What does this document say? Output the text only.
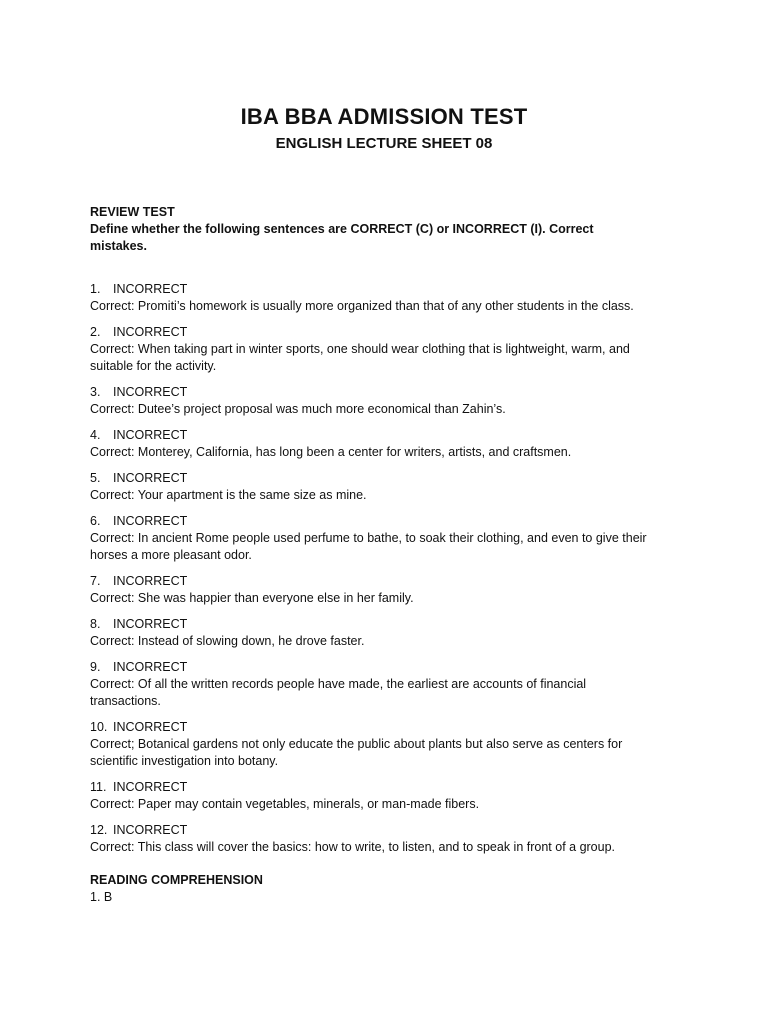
IBA BBA ADMISSION TEST
ENGLISH LECTURE SHEET 08
REVIEW TEST
Define whether the following sentences are CORRECT (C) or INCORRECT (I). Correct mistakes.
1.	INCORRECT
Correct: Promiti’s homework is usually more organized than that of any other students in the class.
2.	INCORRECT
Correct: When taking part in winter sports, one should wear clothing that is lightweight, warm, and suitable for the activity.
3.	INCORRECT
Correct: Dutee’s project proposal was much more economical than Zahin’s.
4.	INCORRECT
Correct: Monterey, California, has long been a center for writers, artists, and craftsmen.
5.	INCORRECT
Correct: Your apartment is the same size as mine.
6.	INCORRECT
Correct: In ancient Rome people used perfume to bathe, to soak their clothing, and even to give their horses a more pleasant odor.
7.	INCORRECT
Correct: She was happier than everyone else in her family.
8.	INCORRECT
Correct: Instead of slowing down, he drove faster.
9.	INCORRECT
Correct: Of all the written records people have made, the earliest are accounts of financial transactions.
10. INCORRECT
Correct; Botanical gardens not only educate the public about plants but also serve as centers for scientific investigation into botany.
11. INCORRECT
Correct: Paper may contain vegetables, minerals, or man-made fibers.
12. INCORRECT
Correct: This class will cover the basics: how to write, to listen, and to speak in front of a group.
READING COMPREHENSION
1. B
